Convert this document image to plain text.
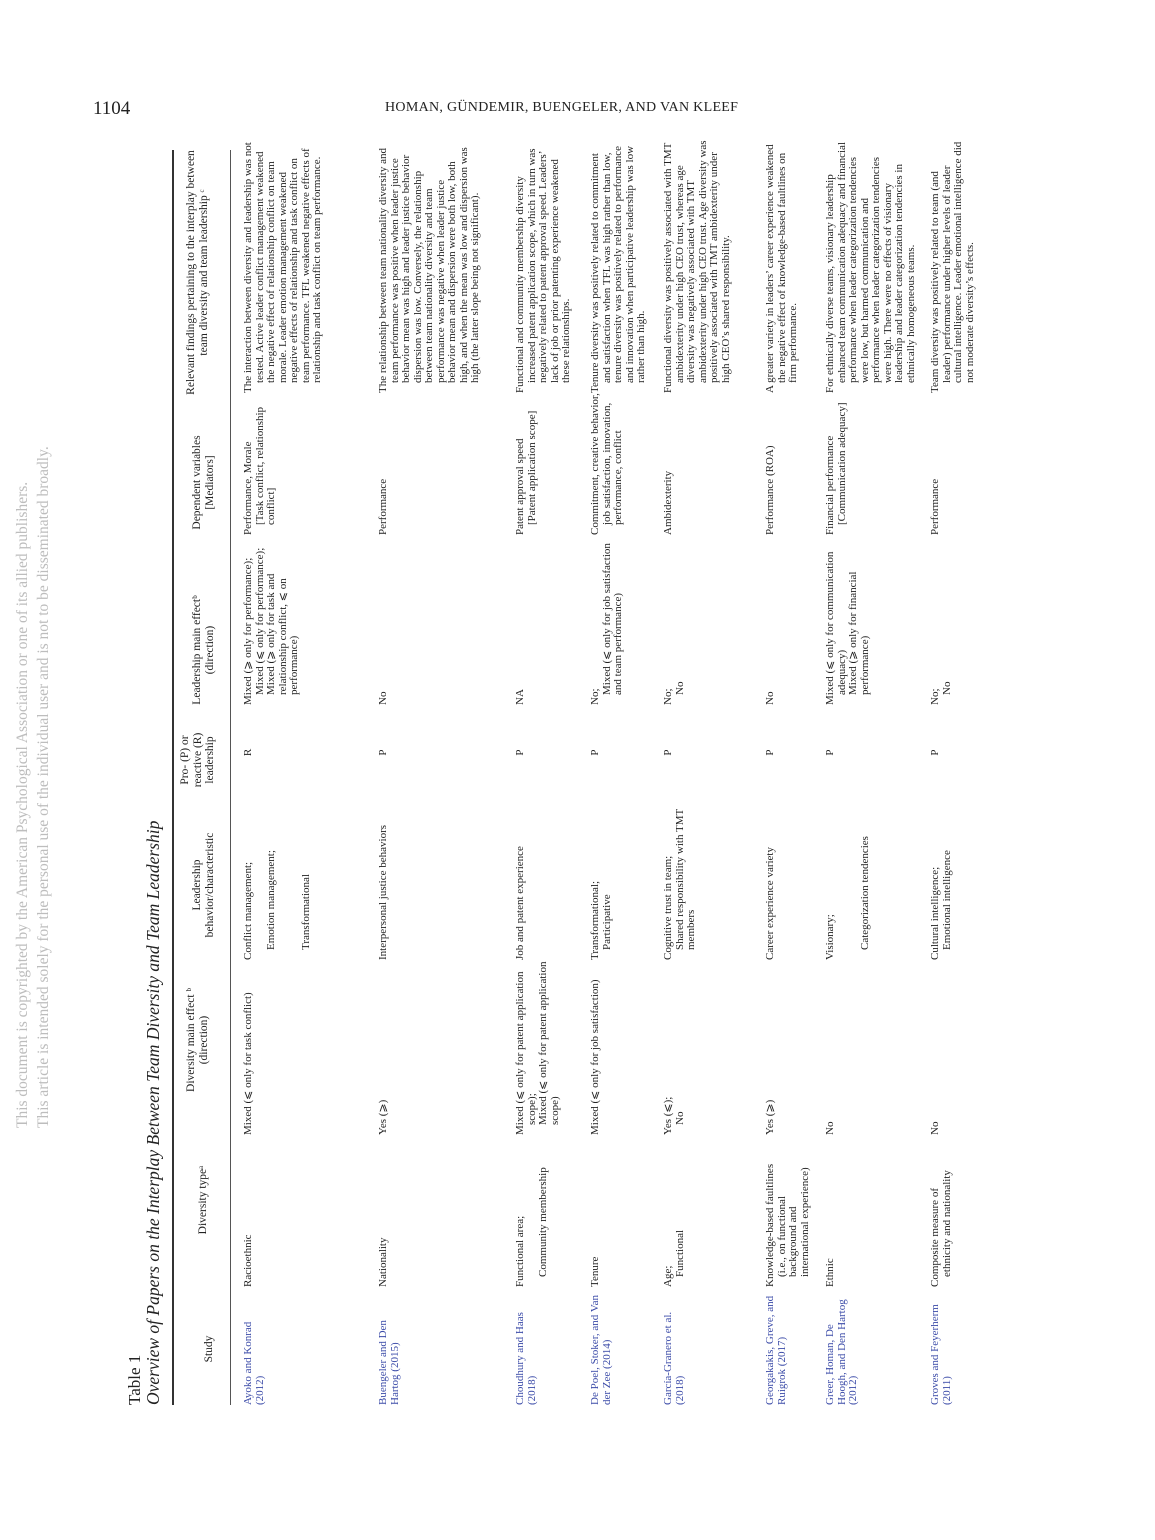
1104	HOMAN, GÜNDEMIR, BUENGELER, AND VAN KLEEF
This document is copyrighted by the American Psychological Association or one of its allied publishers. This article is intended solely for the personal use of the individual user and is not to be disseminated broadly.
Table 1 Overview of Papers on the Interplay Between Team Diversity and Team Leadership	Study
Diversity typeᵃ
Diversity main effect ᵇ (direction)
Leadership behavior/characteristic
Pro- (P) or reactive (R) leadership
Leadership main effectᵇ (direction)
Dependent variables [Mediators]
Relevant findings pertaining to the interplay between team diversity and team leadership ᶜ
Ayoko and Konrad (2012)
Racioethnic
Mixed (⩽ only for task conflict)
Conflict management;

Emotion management;

Transformational
R
Mixed (⩾ only for performance);
Mixed (⩽ only for performance);
Mixed (⩾ only for task and relationship conflict, ⩽ on performance)
Performance, Morale
[Task conflict, relationship conflict]
The interaction between diversity and leadership was not tested. Active leader conflict management weakened the negative effect of relationship conflict on team morale. Leader emotion management weakened negative effects of relationship and task conflict on team performance. TFL weakened negative effects of relationship and task conflict on team performance.
Buengeler and Den Hartog (2015)
Nationality
Yes (⩾)
Interpersonal justice behaviors
P
No
Performance
The relationship between team nationality diversity and team performance was positive when leader justice behavior mean was high and leader justice behavior dispersion was low. Conversely, the relationship between team nationality diversity and team performance was negative when leader justice behavior mean and dispersion were both low, both high, and when the mean was low and dispersion was high (the latter slope being not significant).
Choudhury and Haas (2018)
Functional area;

Community membership
Mixed (⩽ only for patent application scope);
Mixed (⩽ only for patent application scope)
Job and patent experience
P
NA
Patent approval speed
[Patent application scope]
Functional and community membership diversity increased patent application scope, which in turn was negatively related to patent approval speed. Leaders’ lack of job or prior patenting experience weakened these relationships.
De Poel, Stoker, and Van der Zee (2014)
Tenure
Mixed (⩽ only for job satisfaction)
Transformational;
Participative
P
No;
Mixed (⩽ only for job satisfaction and team performance)
Commitment, creative behavior, job satisfaction, innovation, performance, conflict
Tenure diversity was positively related to commitment and satisfaction when TFL was high rather than low, tenure diversity was positively related to performance and innovation when participative leadership was low rather than high.
García-Granero et al. (2018)
Age;
Functional
Yes (⩽);
No
Cognitive trust in team;
Shared responsibility with TMT members
P
No;
No
Ambidexterity
Functional diversity was positively associated with TMT ambidexterity under high CEO trust, whereas age diversity was negatively associated with TMT ambidexterity under high CEO trust. Age diversity was positively associated with TMT ambidexterity under high CEO’s shared responsibility.
Georgakakis, Greve, and Ruigrok (2017)
Knowledge-based faultlines (i.e., on functional background and international experience)
Yes (⩾)
Career experience variety
P
No
Performance (ROA)
A greater variety in leaders’ career experience weakened the negative effect of knowledge-based faultlines on firm performance.
Greer, Homan, De Hoogh, and Den Hartog (2012)
Ethnic
No
Visionary;

Categorization tendencies
P
Mixed (⩽ only for communication adequacy)
Mixed (⩾ only for financial performance)
Financial performance
[Communication adequacy]
For ethnically diverse teams, visionary leadership enhanced team communication adequacy and financial performance when leader categorization tendencies were low, but harmed communication and performance when leader categorization tendencies were high. There were no effects of visionary leadership and leader categorization tendencies in ethnically homogeneous teams.
Groves and Feyerherm (2011)
Composite measure of ethnicity and nationality
No
Cultural intelligence;
Emotional intelligence
P
No;
No
Performance
Team diversity was positively related to team (and leader) performance under higher levels of leader cultural intelligence. Leader emotional intelligence did not moderate diversity’s effects.
